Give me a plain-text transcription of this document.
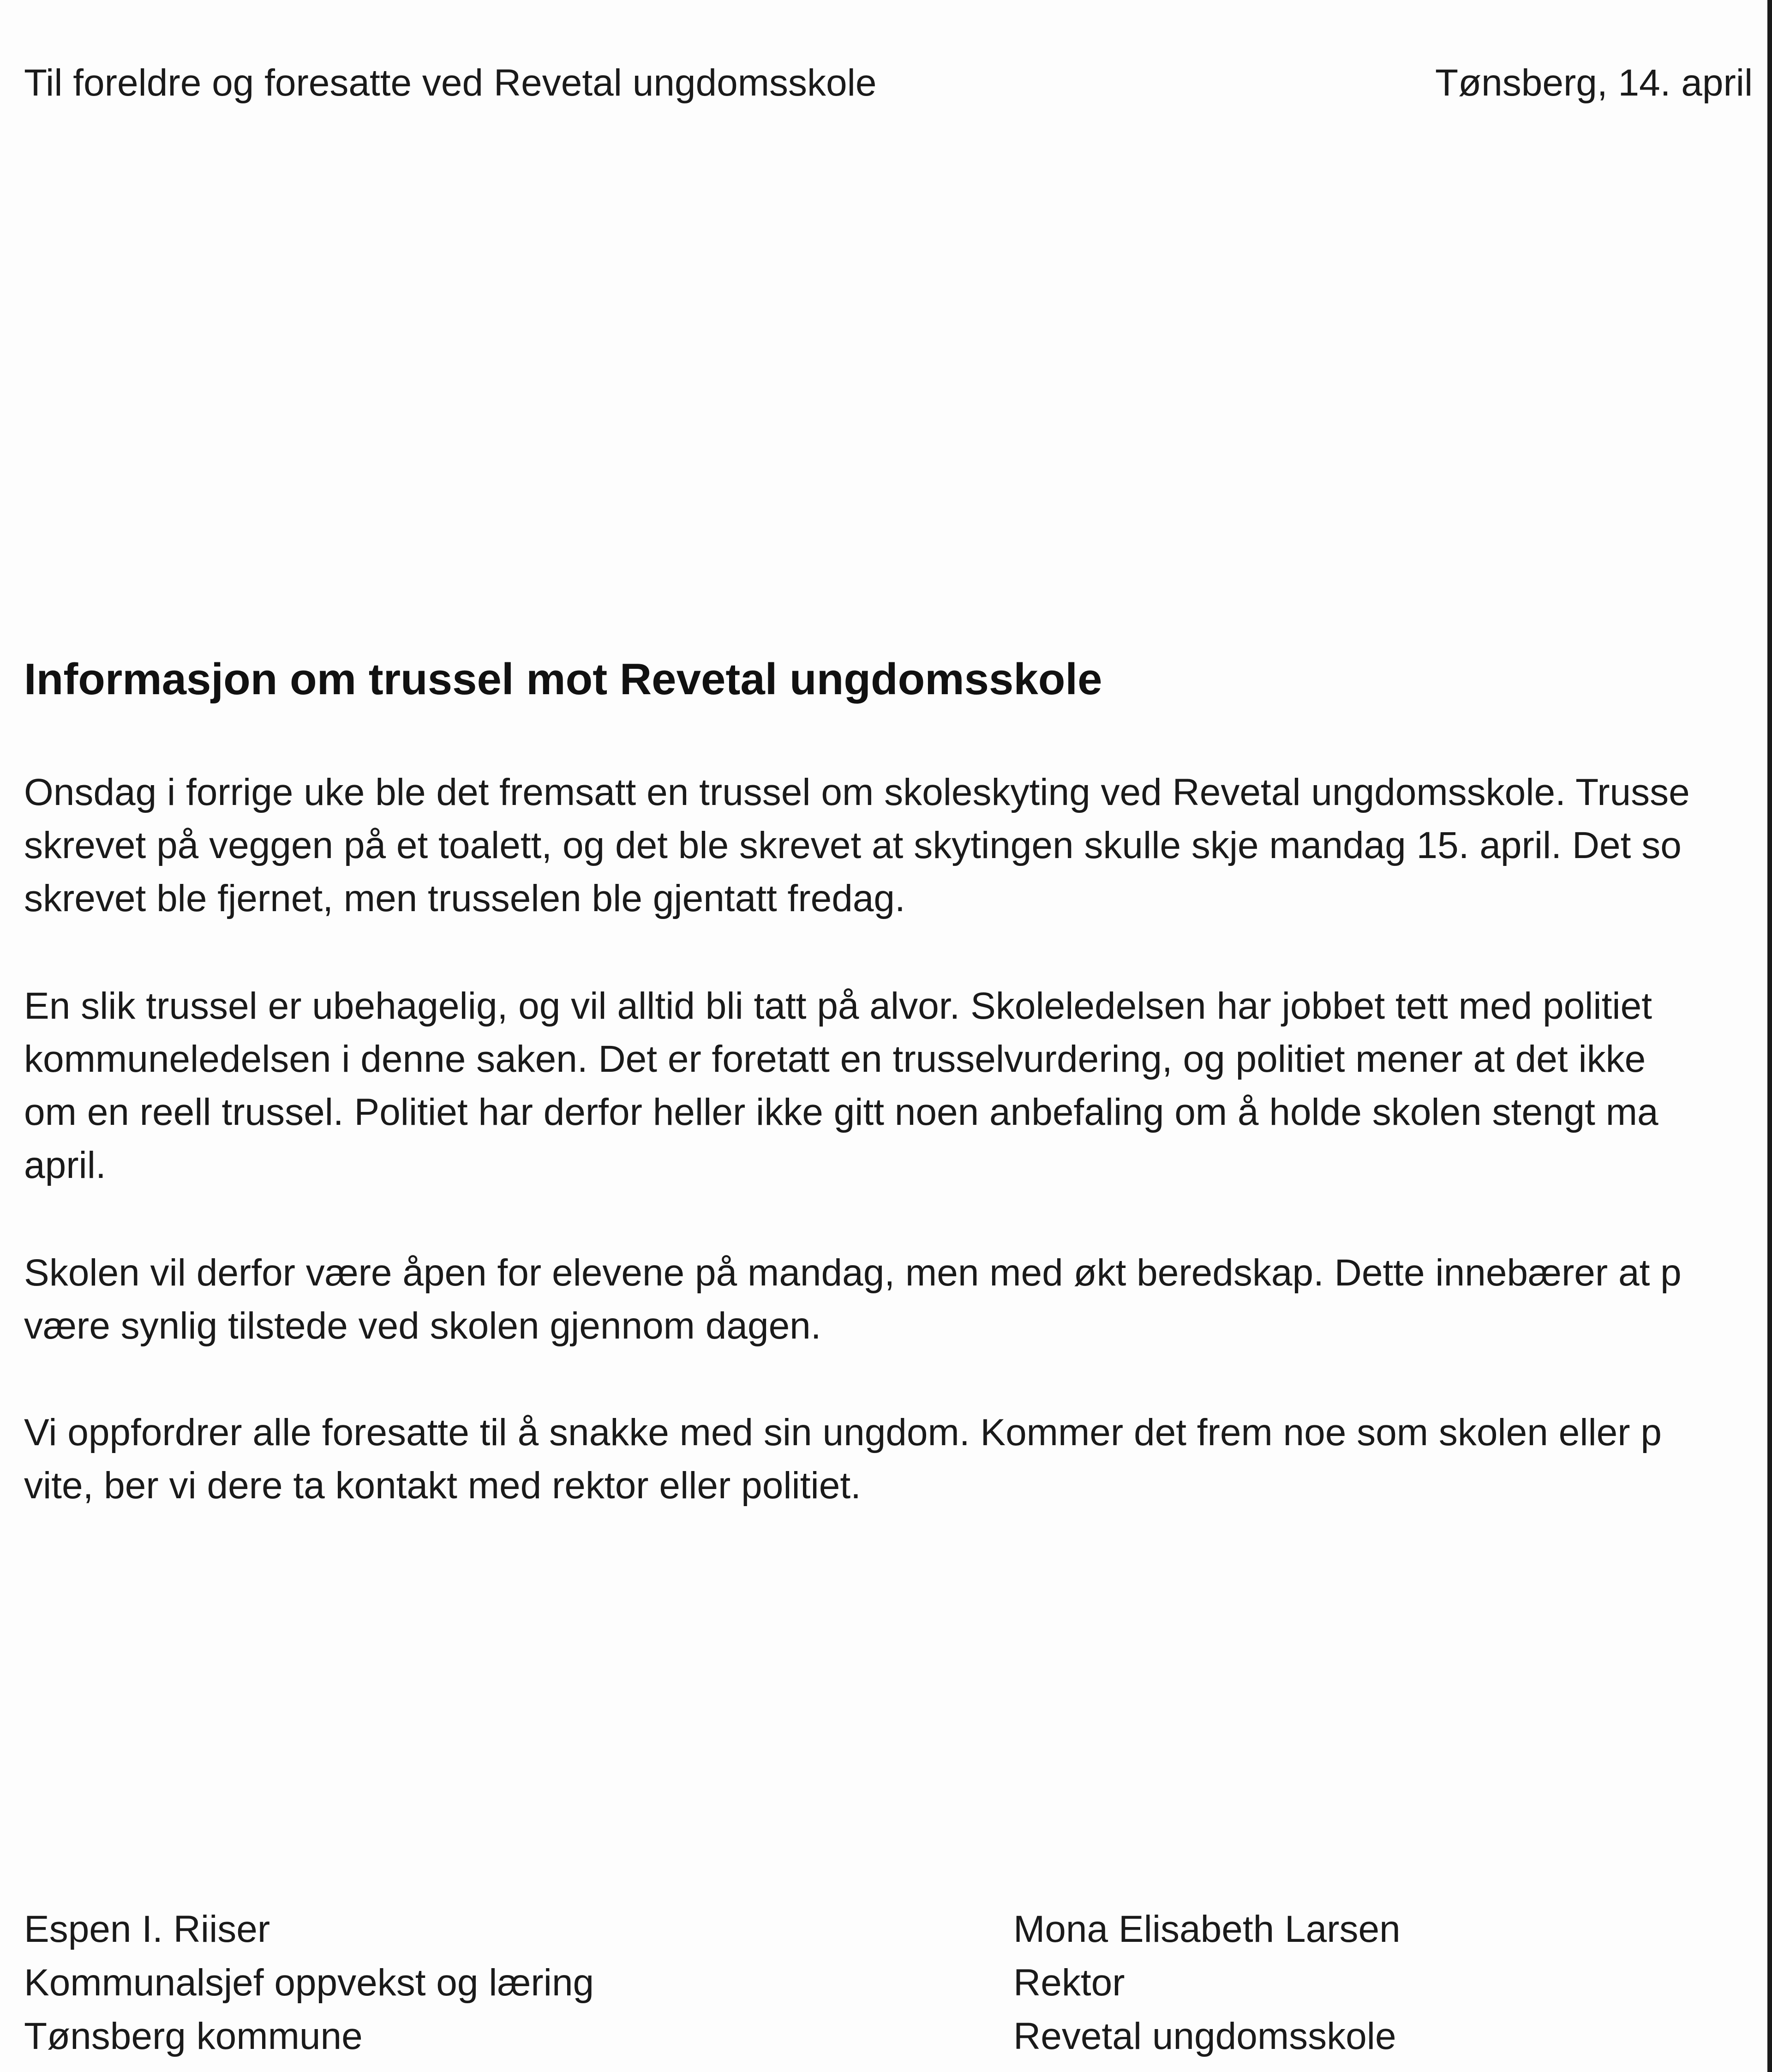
Til foreldre og foresatte ved Revetal ungdomsskole	Tønsberg, 14. april
Informasjon om trussel mot Revetal ungdomsskole
Onsdag i forrige uke ble det fremsatt en trussel om skoleskyting ved Revetal ungdomsskole. Trusse
skrevet på veggen på et toalett, og det ble skrevet at skytingen skulle skje mandag 15. april. Det so
skrevet ble fjernet, men trusselen ble gjentatt fredag.
En slik trussel er ubehagelig, og vil alltid bli tatt på alvor. Skoleledelsen har jobbet tett med politiet
kommuneledelsen i denne saken. Det er foretatt en trusselvurdering, og politiet mener at det ikke
om en reell trussel. Politiet har derfor heller ikke gitt noen anbefaling om å holde skolen stengt ma
april.
Skolen vil derfor være åpen for elevene på mandag, men med økt beredskap. Dette innebærer at p
være synlig tilstede ved skolen gjennom dagen.
Vi oppfordrer alle foresatte til å snakke med sin ungdom. Kommer det frem noe som skolen eller p
vite, ber vi dere ta kontakt med rektor eller politiet.
Espen I. Riiser
Kommunalsjef oppvekst og læring
Tønsberg kommune
Mona Elisabeth Larsen
Rektor
Revetal ungdomsskole
